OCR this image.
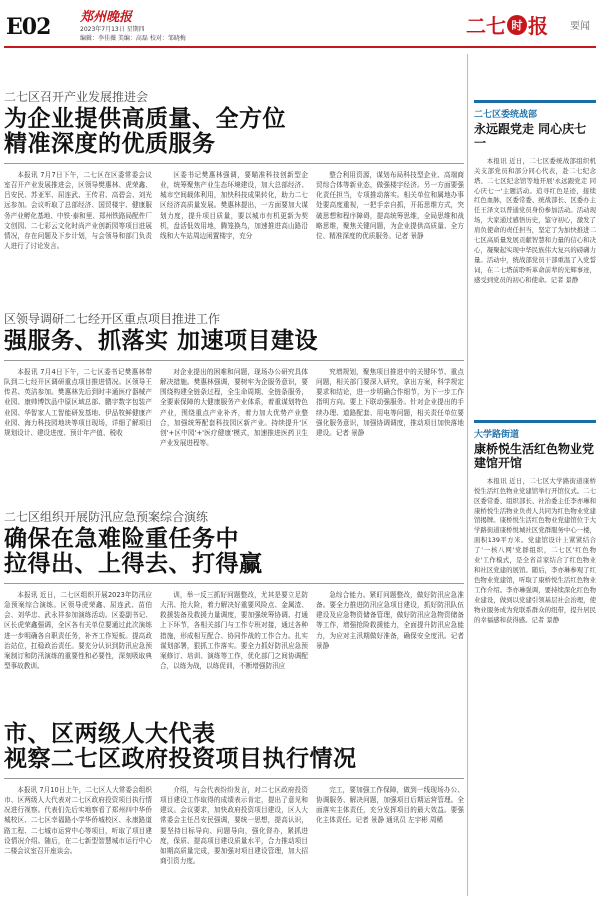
E02 郑州晚报
2023年7月13日 星期四
编辑：李佳薇 美编：高磊 校对：邹晓梅
二七 时 报 要闻
二七区召开产业发展推进会
为企业提供高质量、全方位
精准深度的优质服务

本报讯 7月7日下午，二七区在区委常委会议室召开产业发展推进会，区领导樊惠林、虎荣鑫、吕安民、苏亚军、屈连武、王传君、高碧会、刘光远参加。会议听取了总部经济、国贸楼宇、健康服务产业孵化基地、中铁·泰和里、郑州铁路局配件厂文创园、二七彩云文化时尚产业创新园等项目进展情况，存在问题及下步计划，与会领导和部门负责人进行了讨论发言。

区委书记樊惠林强调，要瞄准科技创新型企业，统筹聚焦产业生态环境建设，加大总部经济、城市空间载体利用，加快科技成果转化，助力二七区经济高质量发展。樊惠林提出，一方面要加大谋划力度，提升项目质量，要以城市有机更新为契机，盘活低效用地，腾笼换鸟，加速推进高山路沿线和大车站周边闲置楼宇，充分

整合利用资源，谋划布局科技型企业、高端商贸综合体等新业态，做强楼宇经济。另一方面要强化责任担当，专项推动落实。相关单位和属地办事处要高度重视，一把手亲自抓，开拓思维方式，突破思想和程序障碍，提高统筹思维，全局思维和战略思维，聚焦关键问题，为企业提供高质量、全方位、精准深度的优质服务。记者 景静

区领导调研二七经开区重点项目推进工作
强服务、抓落实 加速项目建设

本报讯 7月4日下午，二七区委书记樊惠林带队到二七经开区调研重点项目推进情况。区领导王传君、英洁参加。樊惠林先后到时丰通医疗器械产业园、康帅博饮品中原区域总部、鹏宇数字包装产业园、华智家人工智能研发基地、伊品牧鲜健康产业园、海力科技园地块等项目现场，详细了解项目规划设计、建设进度、预计年产值、税收

对企业提出的困难和问题，现场办公研究具体解决措施。樊惠林强调，要树牢为企服务意识，要围绕构建全链条过程，全生命周期、全链条服务，全要素保障的大健康服务产业体系，着重谋划特色产业，围绕重点产业补齐，着力加大优势产业整合，加强统筹配套科技园区新产业。持续提升'区创'+区中园'+'医疗健康'模式，加速推进医药卫生产业发展进程等。

究增规划，聚焦项目推进中的关键环节、重点问题，相关部门要深入研究，拿出方案，科学规定要求和结论，进一步明确合作细节，为下一步工作指明方向。要上下联动强服务。针对企业提出的手续办理、道路配套、用电等问题，相关责任单位要强化服务意识，加强协调调度，推动项目加快落地建设。记者 景静

二七区组织开展防汛应急预案综合演练
确保在急难险重任务中
拉得出、上得去、打得赢

本报讯 近日，二七区组织开展2023年防汛应急预案综合演练。区领导虎荣鑫、屈连武、苗伯会、刘华忠、武永祥参加演练活动。区委副书记、区长虎荣鑫强调，全区各有关单位要通过此次演练进一步明确各自职责任务，补齐工作短板。提高政治站位，扛稳政治责任。要充分认识到防汛应急预案制订和防汛演练的重要性和必要性，深刻吸取典型事故教训。

训，举一反三抓好问题整改，尤其是要立足防大汛、抢大险，着力解决好重要风险点、金属渣、救援装备及救援力量调度，要加强统筹协调、打通上下环节，各相关部门与工作专班对接，通过各种措施，形成相互配合、协同作战的工作合力。扎实谋划部署，狠抓工作落实。要全力抓好防汛应急预案修订、培训、演练等工作，优化部门之间协调配合，以练为战，以练促训，不断增强防汛应

急综合能力。紧盯问题整改，做好防汛应急准备。要全力推进防汛应急项目建设，抓好防汛队伍建设及应急物资储备管理，做好防汛应急物资储备等工作，增强抢险救援能力，全面提升防汛应急能力，为应对主汛期做好准备，确保安全度汛。记者 景静

市、区两级人大代表
视察二七区政府投资项目执行情况

本报讯 7月10日上午，二七区人大常委会组织市、区两级人大代表对二七区政府投资项目执行情况进行视察。代表们先后实地察看了郑州四中华侨城校区、二七区幸福路小学华侨城校区、永康路道路工程、二七城市运营中心等项目，听取了项目建设情况介绍。随后，在二七新型智慧城市运行中心二楼会议室召开座谈会。

介绍，与会代表纷纷发言，对二七区政府投资项目建设工作取得的成绩表示肯定，提出了意见和建议。会议要求，加快政府投资项目建设，区人大常委会主任吕安民强调，要统一思想，提高认识，要坚持目标导向、问题导向，强化督办，紧抓进度，保质、提高项目建设质量水平，合力推动项目如期高质量完成，要加强对项目建设管理，加大招商引资力度。

完工，要加强工作保障，做到一线现场办公、协调服务、解决问题，加强项目后期运营管理。全面落实主体责任，充分发挥项目的最大效益。要强化主体责任。记者 景静 通讯员 左宇彬 周稀

二七区委统战部
永远跟党走 同心庆七一

本报讯 近日，二七区委统战部组织机关支部党员和部分同心代表，赴二七纪念塔、二七区纪念馆等地开展'永远跟党走 同心庆七一'主题活动。追寻红色足迹，接续红色血脉，区委常委、统战部长、区委办主任王泽文以普通党员身份参加活动。活动现场，大家通过感悟历史，鉴守初心，激发了肩负使命的责任担当，坚定了为加快推进二七区高质量发展贡献智慧和力量的信心和决心，凝聚起实现中华民族伟大复兴的磅礴力量。活动中，统战部党员干部重温了入党誓词，在二七塔前聆听革命前辈的光辉事迹，感受到党员的初心和使命。记者 景静

大学路街道
康桥悦生活红色物业党建馆开馆

本报讯 近日，二七区大学路街道康桥悦生活红色物业党建馆举行开馆仪式。二七区委常委、组织部长、社治委主任李亦琳和康桥悦生活物业负责人共同为红色物业党建馆揭牌。康桥悦生活红色物业党建馆位于大学路街道康桥悦城社区党群服务中心一楼，面积139平方米。党建馆设计上紧紧结合了'一核八网'党群组织，二七区'红色物业'工作模式，是全省首家结合了红色物业和社区党建的展馆。随后，李亦琳参观了红色物业党建馆，听取了康桥悦生活红色物业工作介绍。李亦琳强调，要持续深化红色物业建设，做到以党建引领基层社会治理，使物业服务成为党联系群众的纽带，提升居民的幸福感和获得感。记者 景静
